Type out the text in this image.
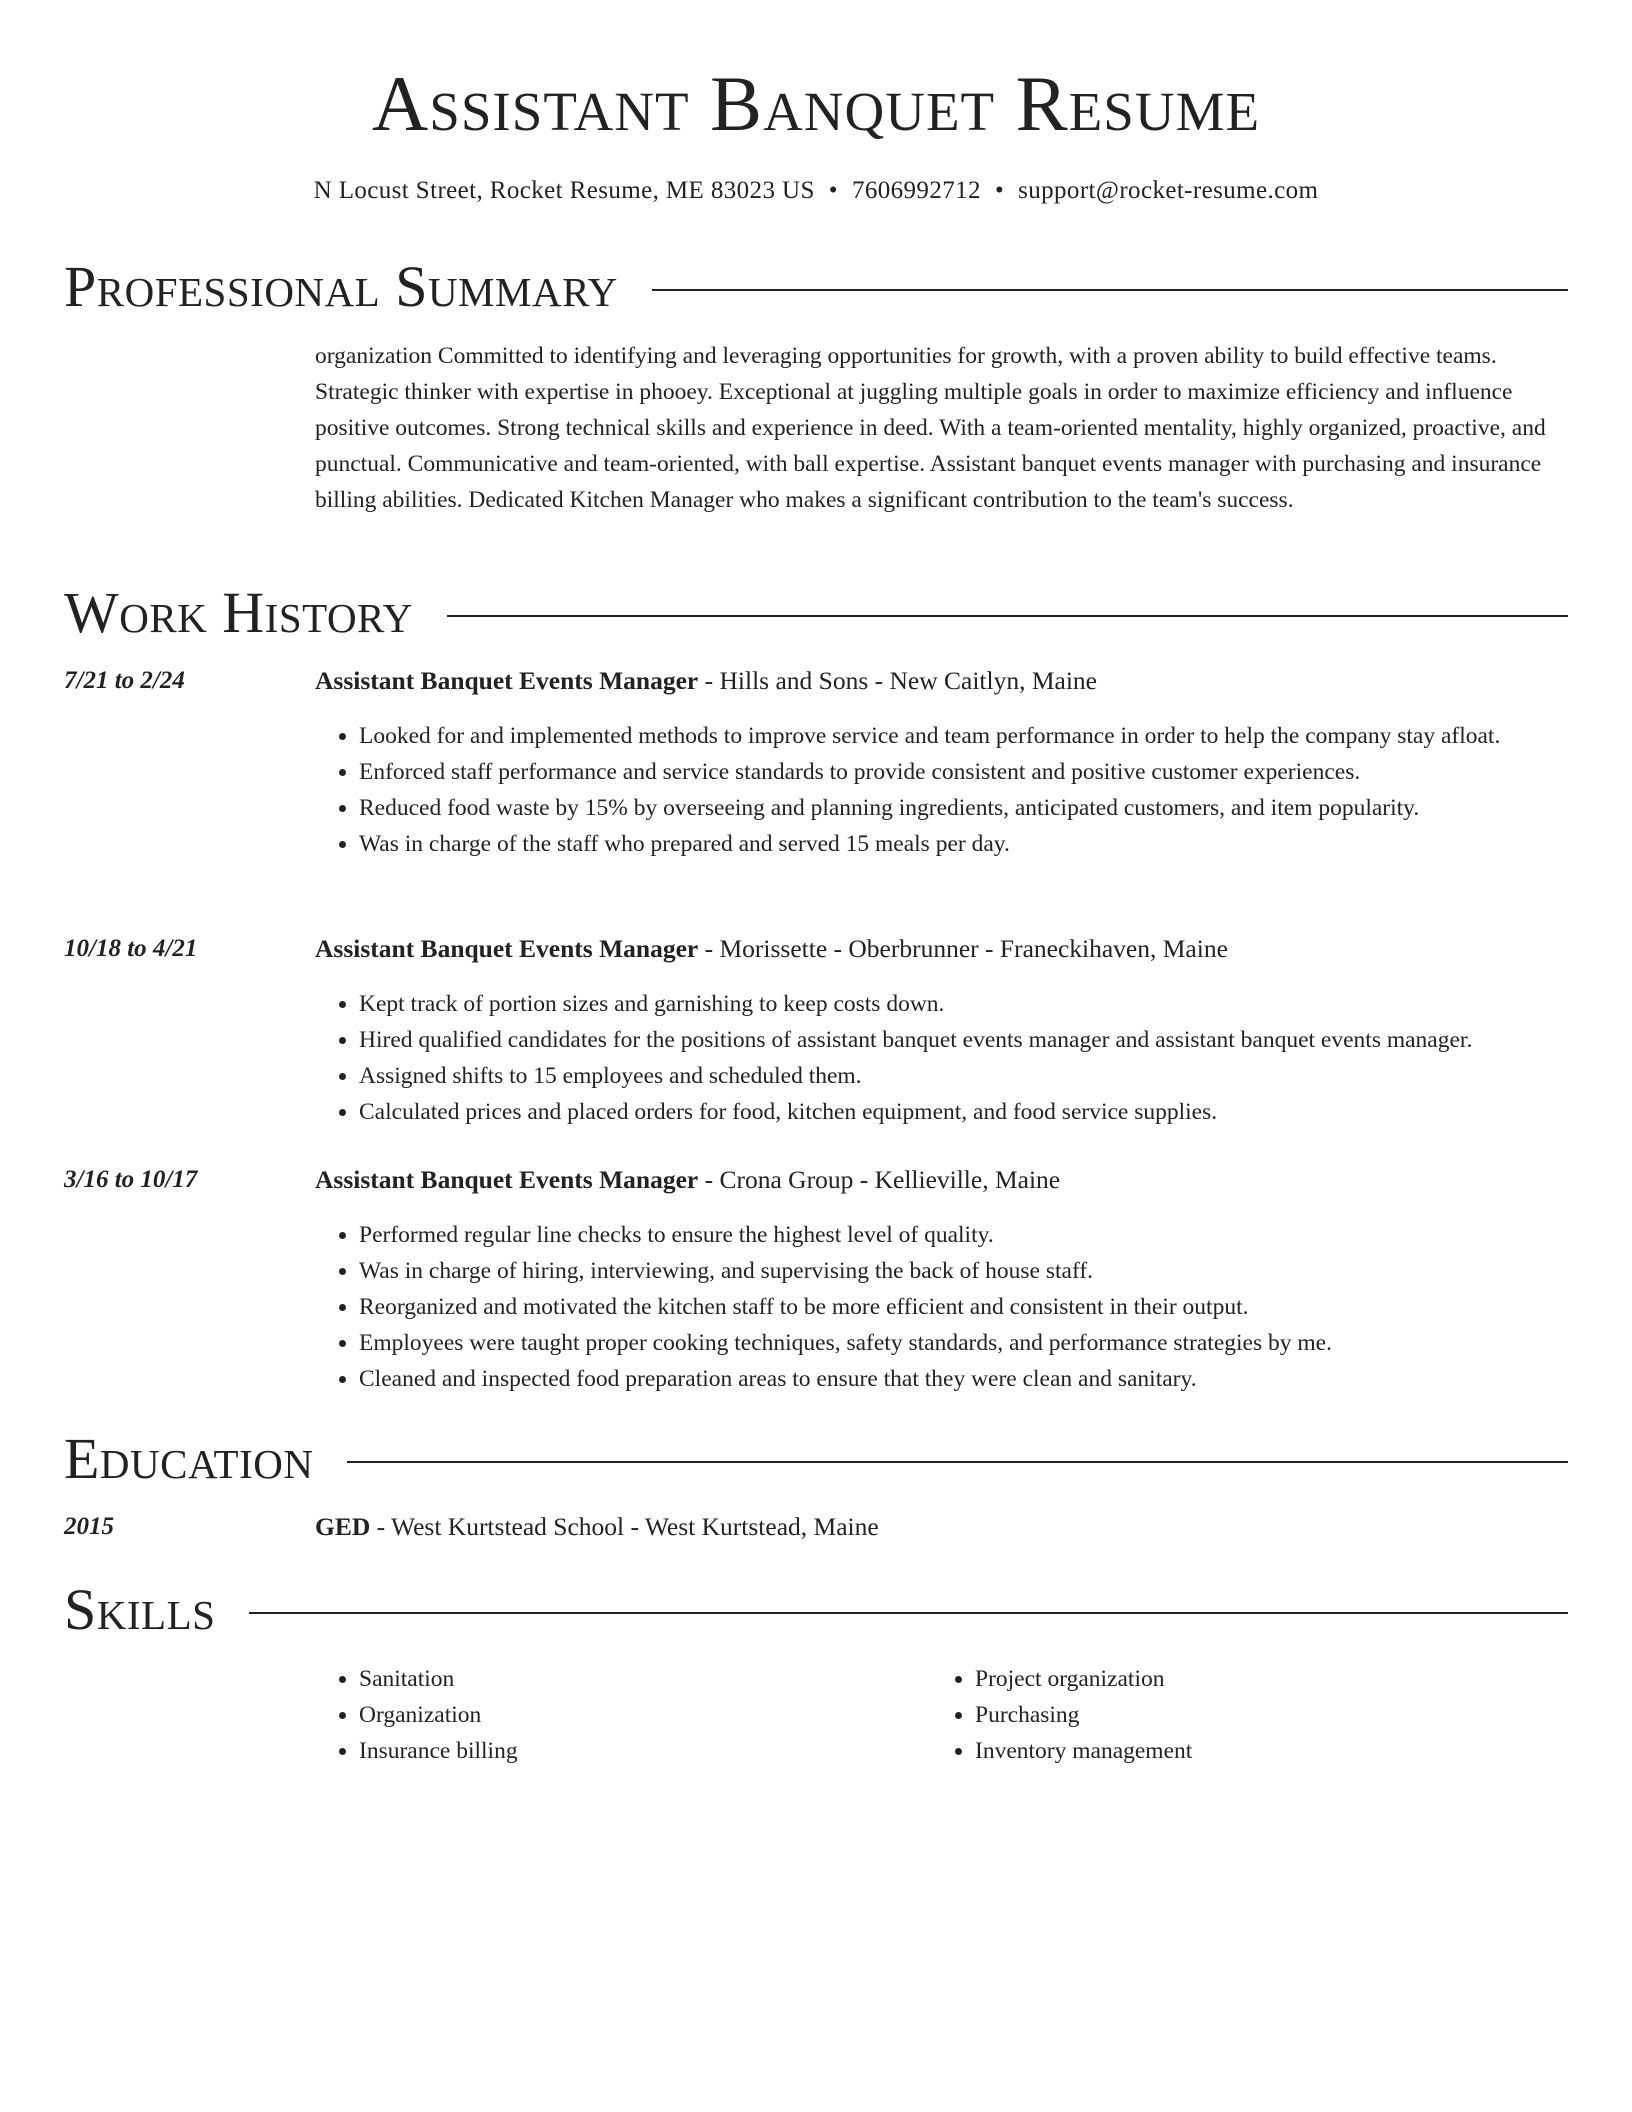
Assistant Banquet Resume
N Locust Street, Rocket Resume, ME 83023 US • 7606992712 • support@rocket-resume.com
Professional Summary
organization Committed to identifying and leveraging opportunities for growth, with a proven ability to build effective teams. Strategic thinker with expertise in phooey. Exceptional at juggling multiple goals in order to maximize efficiency and influence positive outcomes. Strong technical skills and experience in deed. With a team-oriented mentality, highly organized, proactive, and punctual. Communicative and team-oriented, with ball expertise. Assistant banquet events manager with purchasing and insurance billing abilities. Dedicated Kitchen Manager who makes a significant contribution to the team's success.
Work History
7/21 to 2/24	Assistant Banquet Events Manager - Hills and Sons - New Caitlyn, Maine
• Looked for and implemented methods to improve service and team performance in order to help the company stay afloat.
• Enforced staff performance and service standards to provide consistent and positive customer experiences.
• Reduced food waste by 15% by overseeing and planning ingredients, anticipated customers, and item popularity.
• Was in charge of the staff who prepared and served 15 meals per day.
10/18 to 4/21	Assistant Banquet Events Manager - Morissette - Oberbrunner - Franeckihaven, Maine
• Kept track of portion sizes and garnishing to keep costs down.
• Hired qualified candidates for the positions of assistant banquet events manager and assistant banquet events manager.
• Assigned shifts to 15 employees and scheduled them.
• Calculated prices and placed orders for food, kitchen equipment, and food service supplies.
3/16 to 10/17	Assistant Banquet Events Manager - Crona Group - Kellieville, Maine
• Performed regular line checks to ensure the highest level of quality.
• Was in charge of hiring, interviewing, and supervising the back of house staff.
• Reorganized and motivated the kitchen staff to be more efficient and consistent in their output.
• Employees were taught proper cooking techniques, safety standards, and performance strategies by me.
• Cleaned and inspected food preparation areas to ensure that they were clean and sanitary.
Education
2015	GED - West Kurtstead School - West Kurtstead, Maine
Skills
• Sanitation
• Organization
• Insurance billing
• Project organization
• Purchasing
• Inventory management
